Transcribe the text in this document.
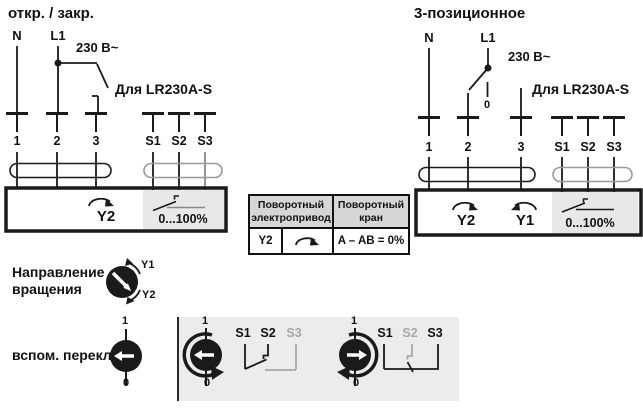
откр. / закр.
N L1
230 В~
Для LR230A-S
1	2	3	S1 S2 S3
Y2	0...100%
3-позиционное
N	L1
230 В~
Для LR230A-S
0
1	2	3 S1 S2 S3
Y2	Y1 0...100%
Поворотный электропривод
Поворотный кран
Y2	A – AB = 0%
Направление
вращения
Y1
Y2
вспом. перекл.
1
0
1
0
S1 S2 S3
1
0
S1 S2 S3
